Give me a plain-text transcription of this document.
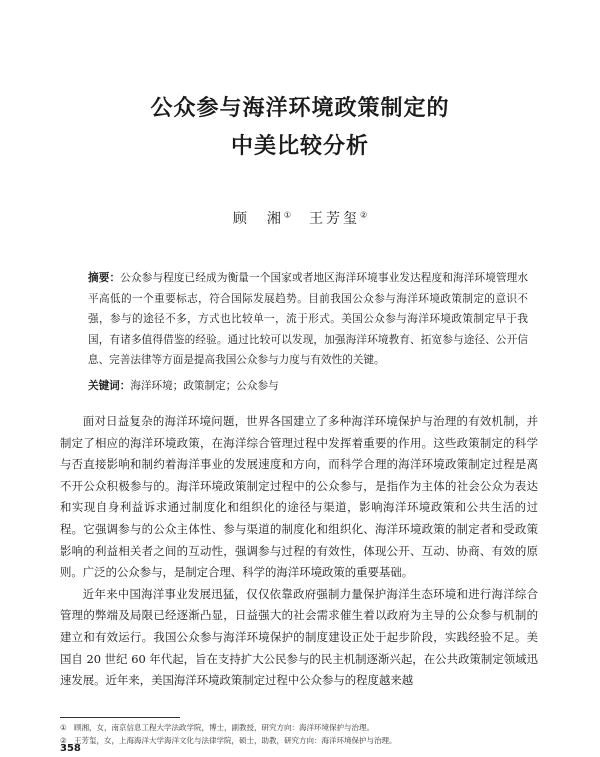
公众参与海洋环境政策制定的
中美比较分析
顾　湘① 王芳玺②
摘要：公众参与程度已经成为衡量一个国家或者地区海洋环境事业发达程度和海洋环境管理水平高低的一个重要标志，符合国际发展趋势。目前我国公众参与海洋环境政策制定的意识不强，参与的途径不多，方式也比较单一，流于形式。美国公众参与海洋环境政策制定早于我国，有诸多值得借鉴的经验。通过比较可以发现，加强海洋环境教育、拓宽参与途径、公开信息、完善法律等方面是提高我国公众参与力度与有效性的关键。
关键词：海洋环境；政策制定；公众参与

面对日益复杂的海洋环境问题，世界各国建立了多种海洋环境保护与治理的有效机制，并制定了相应的海洋环境政策，在海洋综合管理过程中发挥着重要的作用。这些政策制定的科学与否直接影响和制约着海洋事业的发展速度和方向，而科学合理的海洋环境政策制定过程是离不开公众积极参与的。海洋环境政策制定过程中的公众参与，是指作为主体的社会公众为表达和实现自身利益诉求通过制度化和组织化的途径与渠道，影响海洋环境政策和公共生活的过程。它强调参与的公众主体性、参与渠道的制度化和组织化、海洋环境政策的制定者和受政策影响的利益相关者之间的互动性，强调参与过程的有效性，体现公开、互动、协商、有效的原则。广泛的公众参与，是制定合理、科学的海洋环境政策的重要基础。

近年来中国海洋事业发展迅猛，仅仅依靠政府强制力量保护海洋生态环境和进行海洋综合管理的弊端及局限已经逐渐凸显，日益强大的社会需求催生着以政府为主导的公众参与机制的建立和有效运行。我国公众参与海洋环境保护的制度建设正处于起步阶段，实践经验不足。美国自 20 世纪 60 年代起，旨在支持扩大公民参与的民主机制逐渐兴起，在公共政策制定领域迅速发展。近年来，美国海洋环境政策制定过程中公众参与的程度越来越

① 顾湘，女，南京信息工程大学法政学院，博士，副教授，研究方向：海洋环境保护与治理。
② 王芳玺，女，上海海洋大学海洋文化与法律学院，硕士，助教，研究方向：海洋环境保护与治理。
358
